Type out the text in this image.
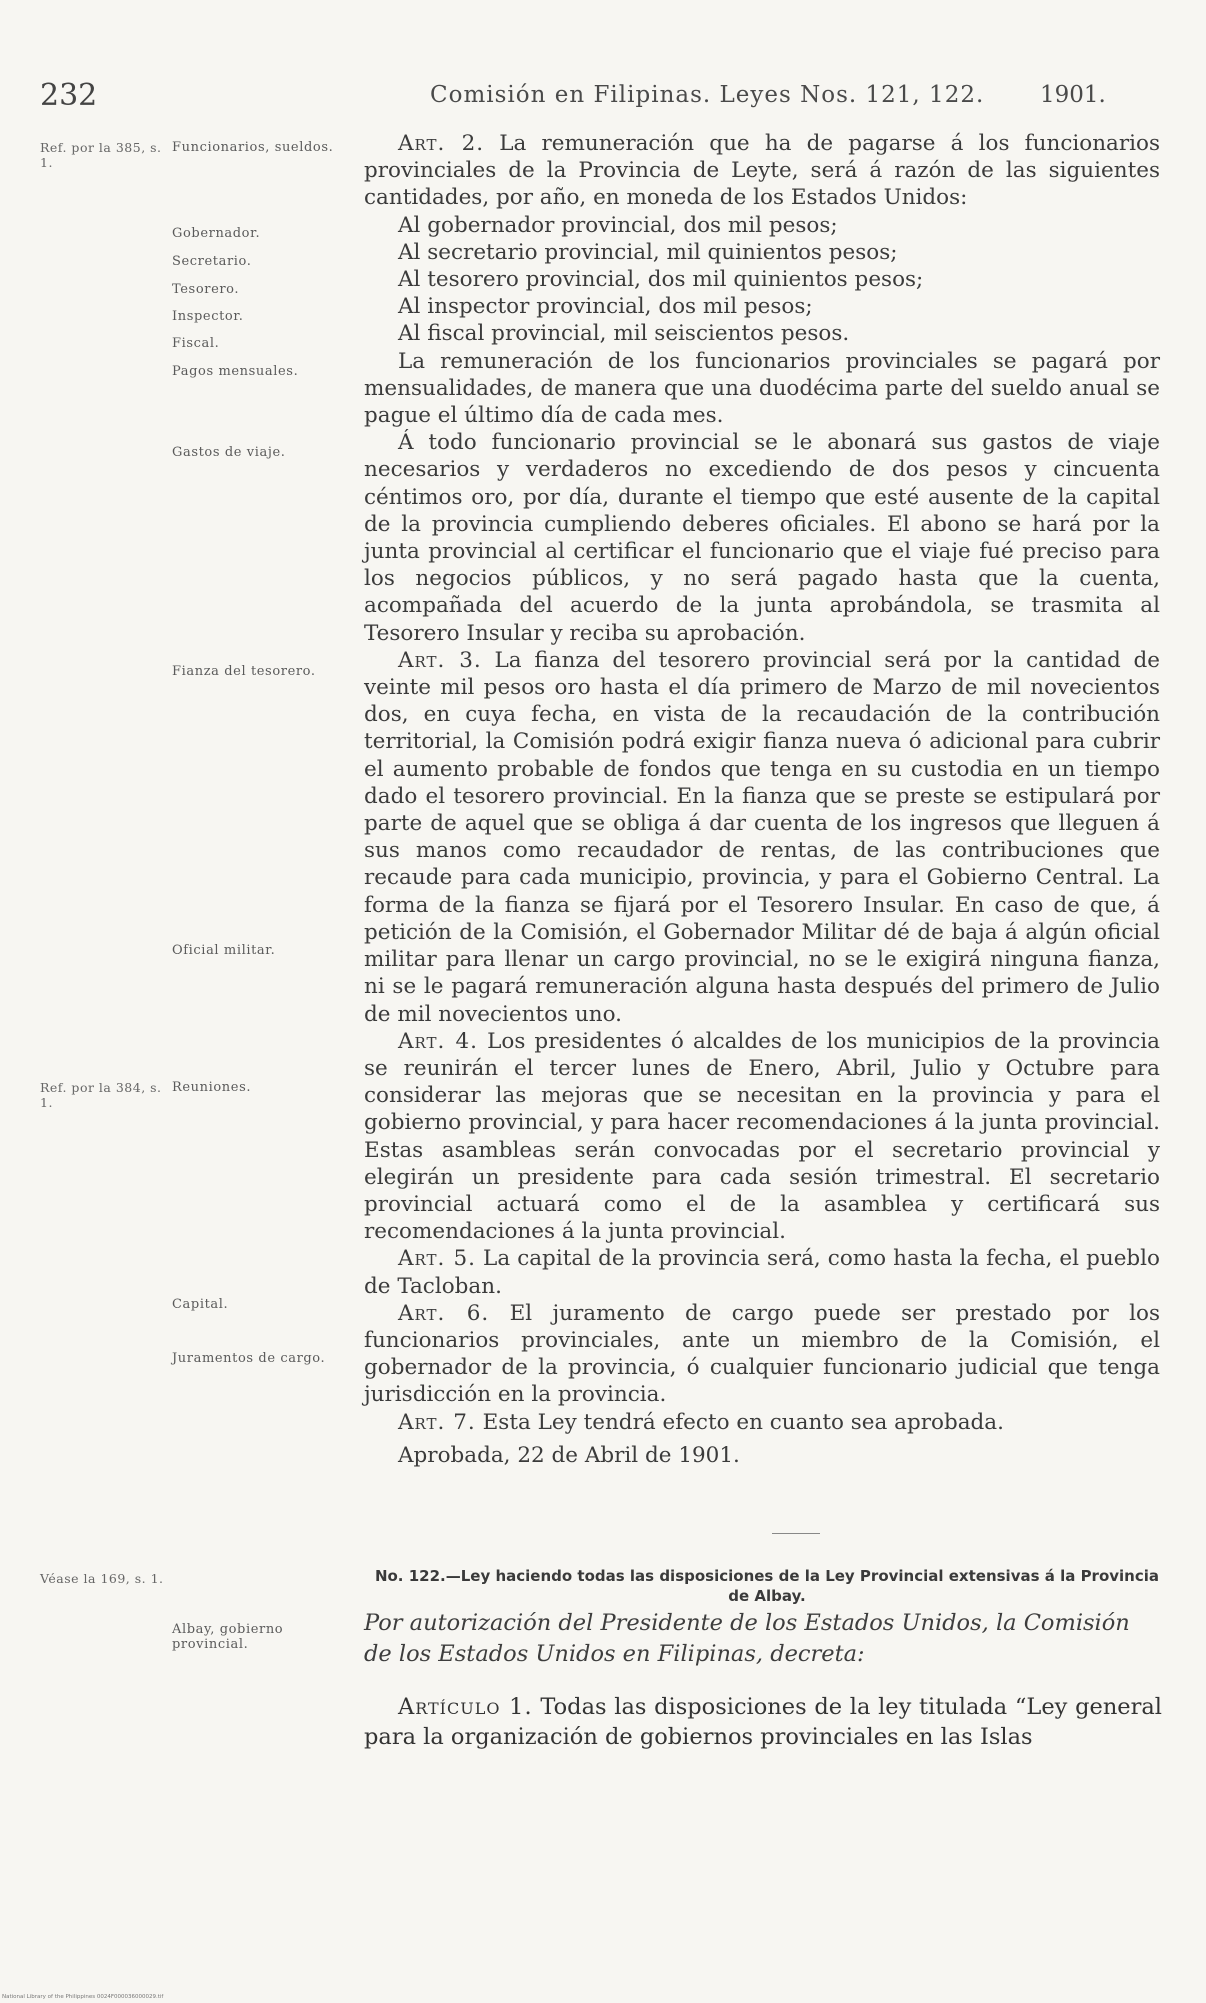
232	Comisión en Filipinas. Leyes Nos. 121, 122. 1901.
Ref. por la 385, s. 1.
Funcionarios, sueldos.
Gobernador.
Secretario.
Tesorero.
Inspector.
Fiscal.
Pagos mensuales.
Gastos de viaje.
Fianza del tesorero.
Oficial militar.
Ref. por la 384, s. 1.
Reuniones.
Capital.
Juramentos de cargo.
Véase la 169, s. 1.
Albay, gobierno provincial.

Art. 2. La remuneración que ha de pagarse á los funcionarios provinciales de la Provincia de Leyte, será á razón de las siguientes cantidades, por año, en moneda de los Estados Unidos:

Al gobernador provincial, dos mil pesos;

Al secretario provincial, mil quinientos pesos;

Al tesorero provincial, dos mil quinientos pesos;

Al inspector provincial, dos mil pesos;

Al fiscal provincial, mil seiscientos pesos.

La remuneración de los funcionarios provinciales se pagará por mensualidades, de manera que una duodécima parte del sueldo anual se pague el último día de cada mes.

Á todo funcionario provincial se le abonará sus gastos de viaje necesarios y verdaderos no excediendo de dos pesos y cincuenta céntimos oro, por día, durante el tiempo que esté ausente de la capital de la provincia cumpliendo deberes oficiales. El abono se hará por la junta provincial al certificar el funcionario que el viaje fué preciso para los negocios públicos, y no será pagado hasta que la cuenta, acompañada del acuerdo de la junta aprobándola, se trasmita al Tesorero Insular y reciba su aprobación.

Art. 3. La fianza del tesorero provincial será por la cantidad de veinte mil pesos oro hasta el día primero de Marzo de mil novecientos dos, en cuya fecha, en vista de la recaudación de la contribución territorial, la Comisión podrá exigir fianza nueva ó adicional para cubrir el aumento probable de fondos que tenga en su custodia en un tiempo dado el tesorero provincial. En la fianza que se preste se estipulará por parte de aquel que se obliga á dar cuenta de los ingresos que lleguen á sus manos como recaudador de rentas, de las contribuciones que recaude para cada municipio, provincia, y para el Gobierno Central. La forma de la fianza se fijará por el Tesorero Insular. En caso de que, á petición de la Comisión, el Gobernador Militar dé de baja á algún oficial militar para llenar un cargo provincial, no se le exigirá ninguna fianza, ni se le pagará remuneración alguna hasta después del primero de Julio de mil novecientos uno.

Art. 4. Los presidentes ó alcaldes de los municipios de la provincia se reunirán el tercer lunes de Enero, Abril, Julio y Octubre para considerar las mejoras que se necesitan en la provincia y para el gobierno provincial, y para hacer recomendaciones á la junta provincial. Estas asambleas serán convocadas por el secretario provincial y elegirán un presidente para cada sesión trimestral. El secretario provincial actuará como el de la asamblea y certificará sus recomendaciones á la junta provincial.

Art. 5. La capital de la provincia será, como hasta la fecha, el pueblo de Tacloban.

Art. 6. El juramento de cargo puede ser prestado por los funcionarios provinciales, ante un miembro de la Comisión, el gobernador de la provincia, ó cualquier funcionario judicial que tenga jurisdicción en la provincia.

Art. 7. Esta Ley tendrá efecto en cuanto sea aprobada.

Aprobada, 22 de Abril de 1901.

No. 122.—Ley haciendo todas las disposiciones de la Ley Provincial extensivas á la Provincia de Albay.
Por autorización del Presidente de los Estados Unidos, la Comisión de los Estados Unidos en Filipinas, decreta:
Artículo 1. Todas las disposiciones de la ley titulada “Ley general para la organización de gobiernos provinciales en las Islas
National Library of the Philippines 0024F000036000029.tif
